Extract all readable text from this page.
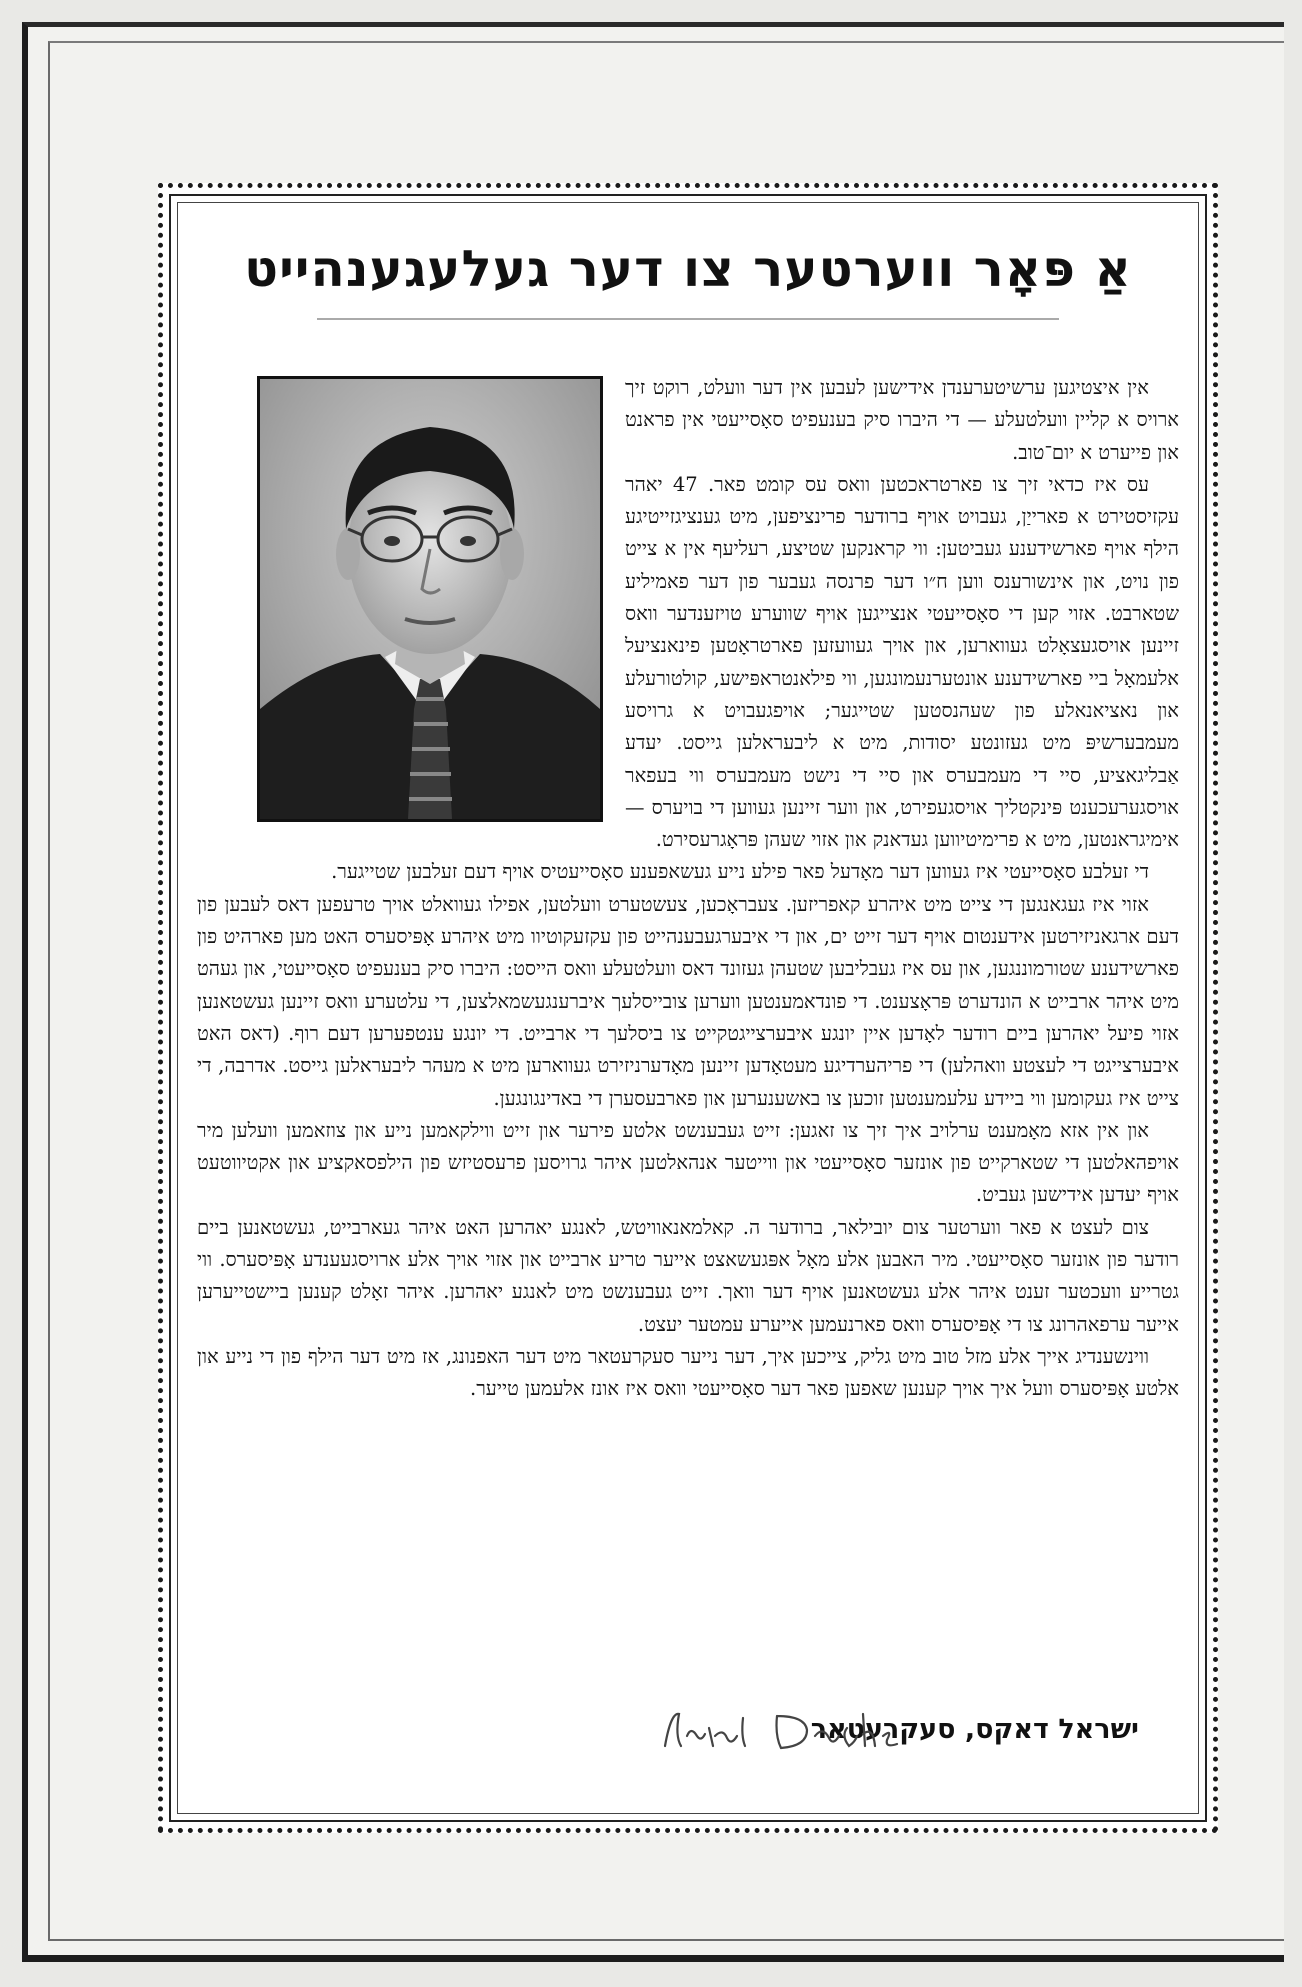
אַ פּאָר ווערטער צו דער געלעגענהייט

אין איצטיגען ערשיטערענדן אידישען לעבען אין דער וועלט, רוקט זיך ארויס א קליין וועלטעלע — די היברו סיק בענעפיט סאָסייעטי אין פראנט און פייערט א יום־טוב.

עס איז כדאי זיך צו פארטראכטען וואס עס קומט פאר. 47 יאהר עקזיסטירט א פארייַן, געבויט אויף ברודער פרינציפען, מיט גענציגזייטיגע הילף אויף פארשידענע געביטען: ווי קראנקען שטיצע, רעליעף אין א צייט פון נויט, און אינשורענס ווען ח״ו דער פרנסה געבער פון דער פאמיליע שטארבט. אזוי קען די סאָסייעטי אנצייגען אויף שווערע טויזענדער וואס זיינען אויסגעצאָלט געווארען, און אויך געוועזען פארטראָטען פינאנציעל אלעמאָל ביי פארשידענע אונטערנעמונגען, ווי פילאנטראפּישע, קולטורעלע און נאציאנאלע פון שעהנסטען שטייגער; אויפגעבויט א גרויסע מעמבערשיפּ מיט געזונטע יסודות, מיט א ליבעראלען גייסט. יעדע אַבליגאציע, סיי די מעמבערס און סיי די נישט מעמבערס ווי בעפאר אויסגערעכענט פּינקטליך אויסגעפירט, און ווער זיינען געווען די בויערס — אימיגראנטען, מיט א פרימיטיווען געדאנק און אזוי שעהן פּראָגרעסירט.

די זעלבע סאָסייעטי איז געווען דער מאָדעל פאר פילע נייע געשאפענע סאָסייעטיס אויף דעם זעלבען שטייגער.

אזוי איז געגאנגען די צייט מיט איהרע קאפריזען. צעבראָכען, צעשטערט וועלטען, אפילו געוואלט אויך טרעפען דאס לעבען פון דעם ארגאניזירטען אידענטום אויף דער זייט ים, און די איבערגעבענהייט פון עקזעקוטיוו מיט איהרע אָפּיסערס האט מען פארהיט פון פארשידענע שטורמוננגען, און עס איז געבליבען שטעהן געזונד דאס וועלטעלע וואס הייסט: היברו סיק בענעפיט סאָסייעטי, און געהט מיט איהר ארבייט א הונדערט פּראָצענט. די פונדאמענטען ווערען צובייסלעך איברענגעשמאלצען, די עלטערע וואס זיינען געשטאנען אזוי פיעל יאהרען ביים רודער לאָדען איין יונגע איבערצייגטקייט צו ביסלעך די ארבייט. די יונגע ענטפערען דעם רוף. (דאס האט איבערצייגט די לעצטע וואהלען) די פריהערדיגע מעטאָדען זיינען מאָדערניזירט געווארען מיט א מעהר ליבעראלען גייסט. אדרבה, די צייט איז געקומען ווי ביידע עלעמענטען זוכען צו באשענערען און פארבעסערן די באדינגונגען.

און אין אזא מאָמענט ערלויב איך זיך צו זאגען: זייט געבענשט אלטע פירער און זייט ווילקאמען נייע און צוזאמען וועלען מיר אויפהאלטען די שטארקייט פון אונזער סאָסייעטי און ווייטער אנהאלטען איהר גרויסען פרעסטיזש פון הילפסאקציע און אקטיווטעט אויף יעדען אידישען געביט.

צום לעצט א פאר ווערטער צום יובילאר, ברודער ה. קאלמאנאוויטש, לאנגע יאהרען האט איהר געארבייט, געשטאנען ביים רודער פון אונזער סאָסייעטי. מיר האבען אלע מאָל אפּגעשאצט אייער טריע ארבייט און אזוי אויך אלע ארויסגעענדע אָפּיסערס. ווי גטרייע וועכטער זענט איהר אלע געשטאנען אויף דער וואך. זייט געבענשט מיט לאנגע יאהרען. איהר זאָלט קענען ביישטייערען אייער ערפאהרונג צו די אָפּיסערס וואס פארנעמען אייערע עמטער יעצט.

ווינשענדיג אייך אלע מזל טוב מיט גליק, צייכען איך, דער נייער סעקרעטאר מיט דער האפנונג, אז מיט דער הילף פון די נייע און אלטע אָפּיסערס וועל איך אויך קענען שאפען פאר דער סאָסייעטי וואס איז אונז אלעמען טייער.

ישראל דאקס, סעקרעטאר
